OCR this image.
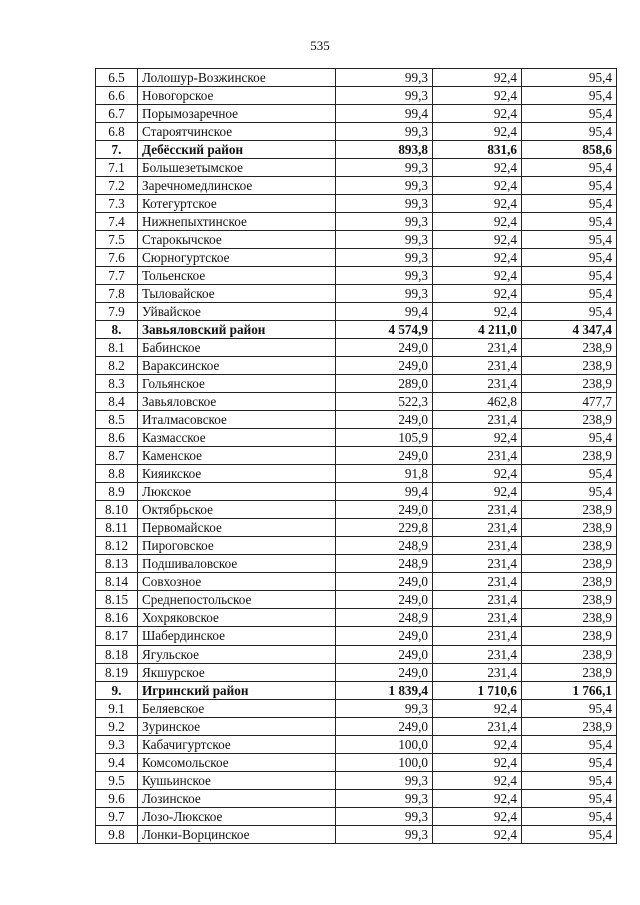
535
6.5	Лолошур-Возжинское	99,3	92,4	95,4
6.6	Новогорское	99,3	92,4	95,4
6.7	Порымозаречное	99,4	92,4	95,4
6.8	Староятчинское	99,3	92,4	95,4
7.	Дебёсский район	893,8	831,6	858,6
7.1	Большезетымское	99,3	92,4	95,4
7.2	Заречномедлинское	99,3	92,4	95,4
7.3	Котегуртское	99,3	92,4	95,4
7.4	Нижнепыхтинское	99,3	92,4	95,4
7.5	Старокычское	99,3	92,4	95,4
7.6	Сюрногуртское	99,3	92,4	95,4
7.7	Тольенское	99,3	92,4	95,4
7.8	Тыловайское	99,3	92,4	95,4
7.9	Уйвайское	99,4	92,4	95,4
8.	Завьяловский район	4 574,9	4 211,0	4 347,4
8.1	Бабинское	249,0	231,4	238,9
8.2	Вараксинское	249,0	231,4	238,9
8.3	Гольянское	289,0	231,4	238,9
8.4	Завьяловское	522,3	462,8	477,7
8.5	Италмасовское	249,0	231,4	238,9
8.6	Казмасское	105,9	92,4	95,4
8.7	Каменское	249,0	231,4	238,9
8.8	Кияикское	91,8	92,4	95,4
8.9	Люкское	99,4	92,4	95,4
8.10	Октябрьское	249,0	231,4	238,9
8.11	Первомайское	229,8	231,4	238,9
8.12	Пироговское	248,9	231,4	238,9
8.13	Подшиваловское	248,9	231,4	238,9
8.14	Совхозное	249,0	231,4	238,9
8.15	Среднепостольское	249,0	231,4	238,9
8.16	Хохряковское	248,9	231,4	238,9
8.17	Шабердинское	249,0	231,4	238,9
8.18	Ягульское	249,0	231,4	238,9
8.19	Якшурское	249,0	231,4	238,9
9.	Игринский район	1 839,4	1 710,6	1 766,1
9.1	Беляевское	99,3	92,4	95,4
9.2	Зуринское	249,0	231,4	238,9
9.3	Кабачигуртское	100,0	92,4	95,4
9.4	Комсомольское	100,0	92,4	95,4
9.5	Кушьинское	99,3	92,4	95,4
9.6	Лозинское	99,3	92,4	95,4
9.7	Лозо-Люкское	99,3	92,4	95,4
9.8	Лонки-Ворцинское	99,3	92,4	95,4
